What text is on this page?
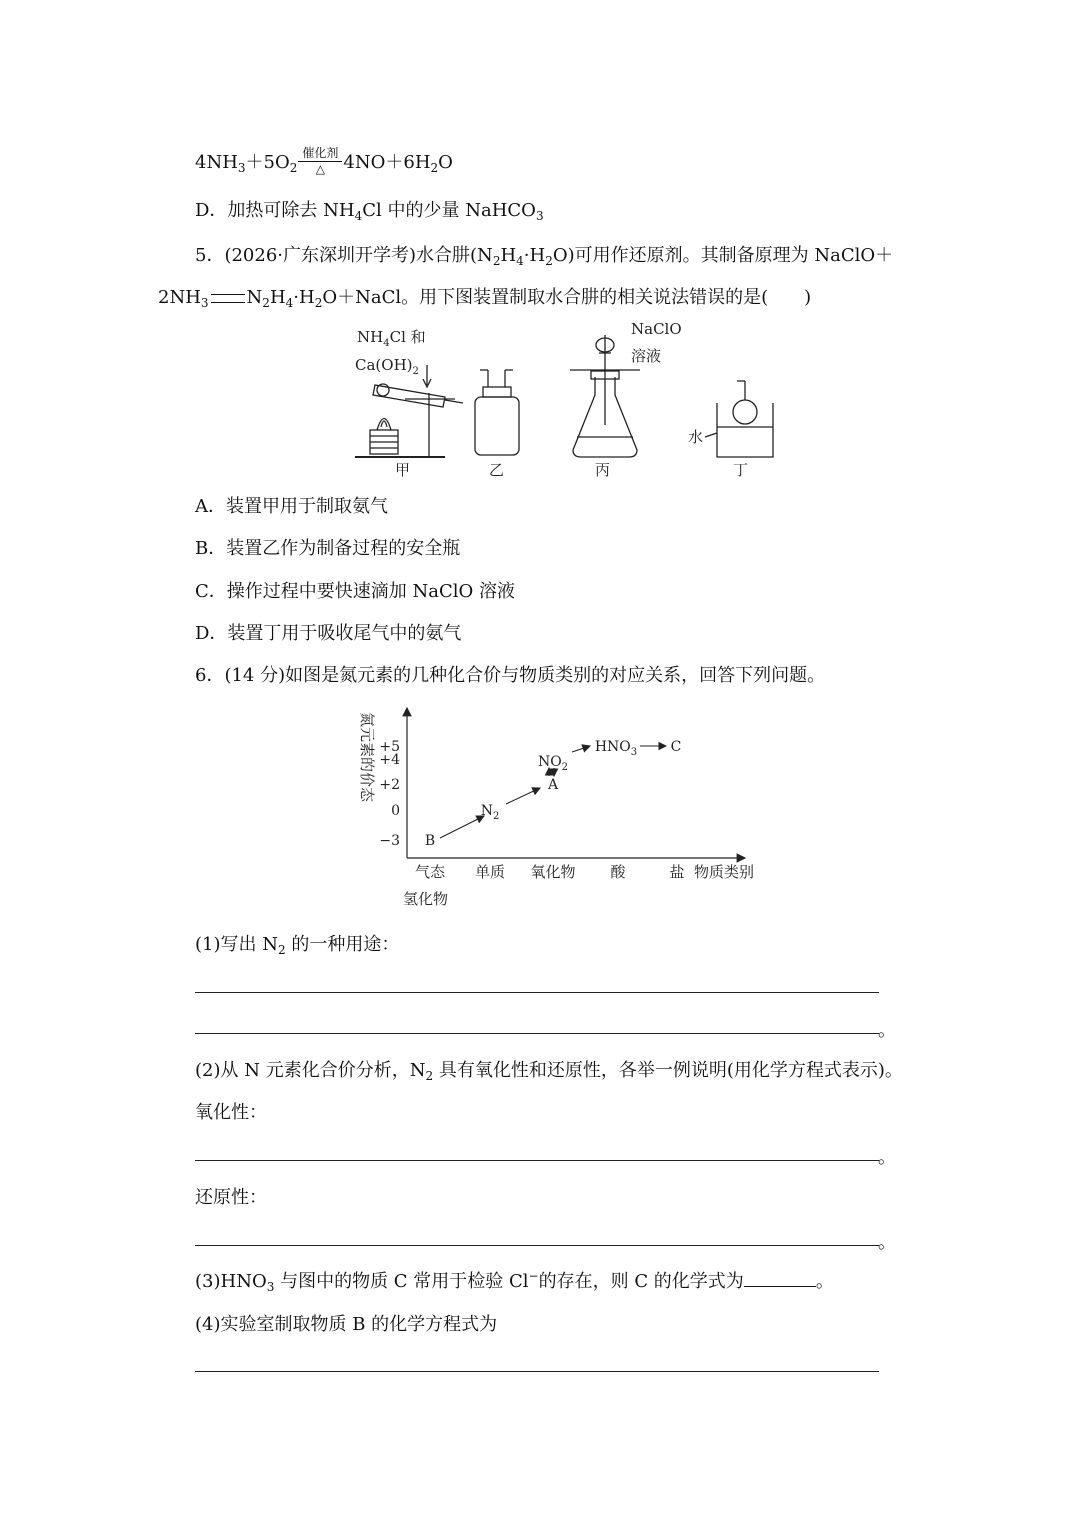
$4NH_3+5O_2$
催化剂
△	$4NO+6H_2O$
D．加热可除去 $NH_4Cl$ 中的少量 NaHCO$_3$
5．(2026·广东深圳开学考)水合肼$(N_2H_4\cdot H_2O)$可用作还原剂。其制备原理为 NaClO＋
$2NH_3$ $N_2H_4\cdot H_2O+NaCl$。用下图装置制取水合肼的相关说法错误的是(　　)
$NH_4Cl$ 和
$Ca(OH)_2$
NaClO
溶液
水
甲	乙	丙	丁
A．装置甲用于制取氨气
B．装置乙作为制备过程的安全瓶
C．操作过程中要快速滴加 NaClO 溶液
D．装置丁用于吸收尾气中的氨气
6．(14 分)如图是氮元素的几种化合价与物质类别的对应关系，回答下列问题。
氮元素的价态
物质类别
氢化物
+5
+4
+2
0
−3
气态 单质 氧化物 酸	盐
B
$N_2$
A
$NO_2$
$HNO_3$ C
(1)写出 $N_2$ 的一种用途：
。
(2)从 N 元素化合价分析，$N_2$ 具有氧化性和还原性，各举一例说明(用化学方程式表示)。
氧化性：
。
还原性：
。
$(3)HNO_3$ 与图中的物质 C 常用于检验 Cl−的存在，则 C 的化学式为	。
(4)实验室制取物质 B 的化学方程式为
